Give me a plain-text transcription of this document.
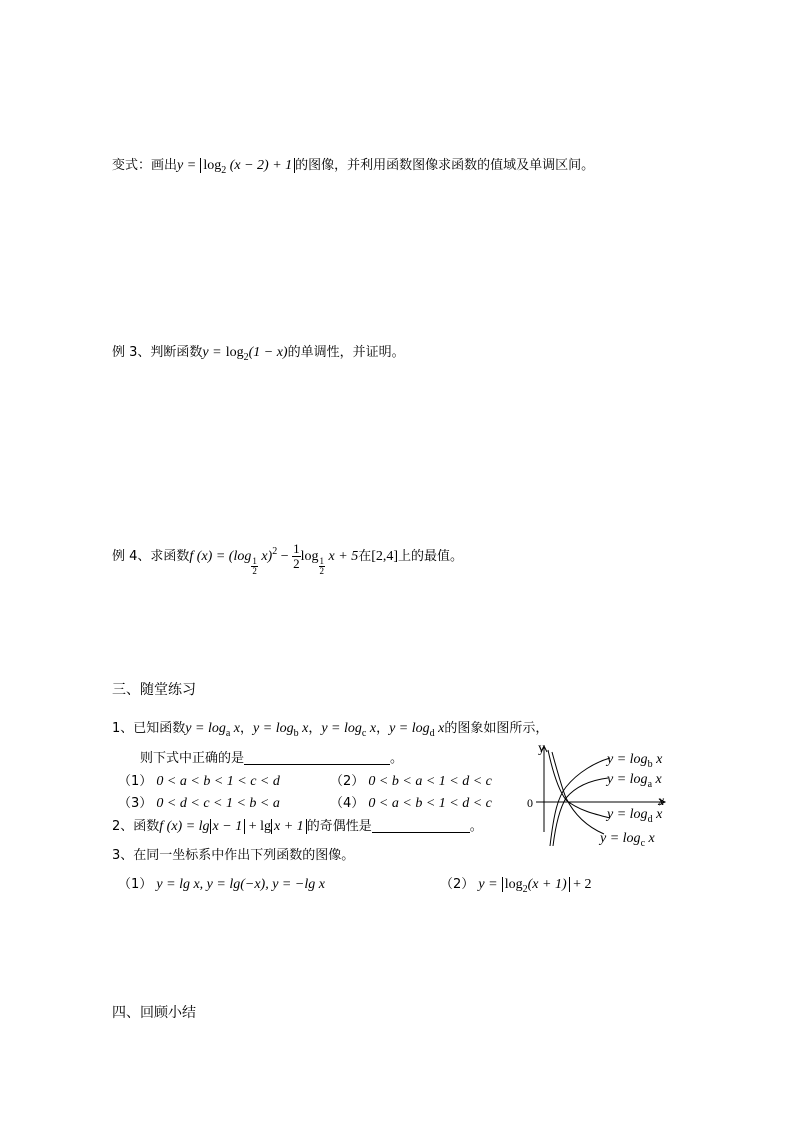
变式：画出$y = \log_2 (x - 2) + 1$ 的图像，并利用函数图像求函数的值域及单调区间。
例 3、判断函数$y = \log_2(1 - x)$的单调性，并证明。
例 4、求函数f (x) = (log
$\frac{1}{2}$
$x)^2 - \frac{1}{2}$ log
$\frac{1}{2}$
x + 5在[2,4]上的最值。
三、随堂练习
1、已知函数$y = \log_a x$，$y = \log_b x$，$y = \log_c x$，$y = \log_d x$的图象如图所示，
则下式中正确的是	。
（1） 0 < a < b < 1 < c < d	（2） 0 < b < a < 1 < d < c
（3） 0 < d < c < 1 < b < a	（4） 0 < a < b < 1 < d < c
2、函数f (x) = lg x − 1 + lg x + 1 的奇偶性是	。
3、在同一坐标系中作出下列函数的图像。
（1） y = lg x, y = lg(−x), y = −lg x	（2） $y = \log_2(x + 1) + 2$
y
x
0
$y = \log_b x$
$y = \log_a x$
$y = \log_d x$
$y = \log_c x$
四、回顾小结
